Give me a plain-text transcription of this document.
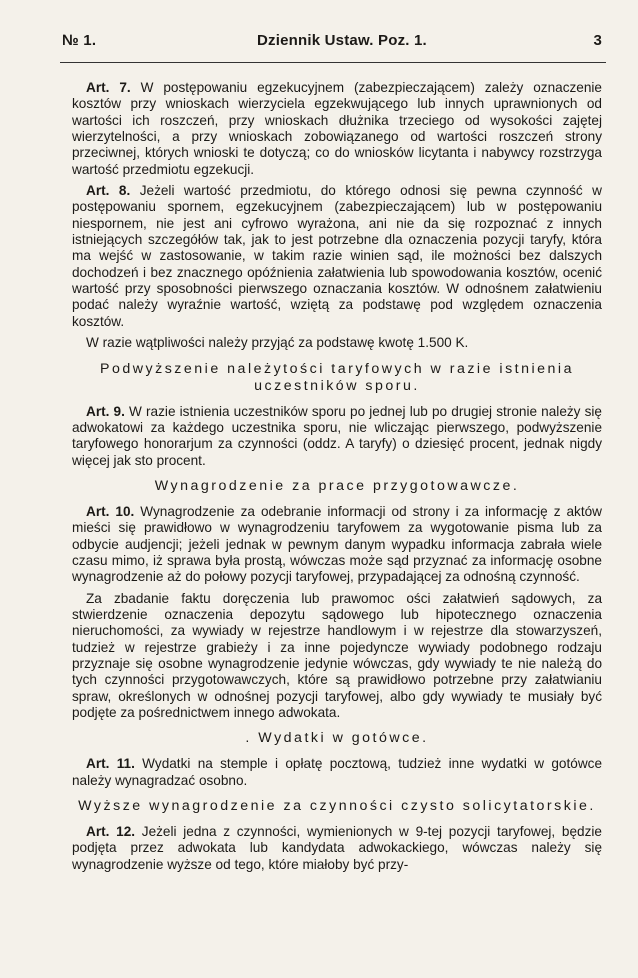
№ 1.	Dziennik Ustaw. Poz. 1.	3

Art. 7. W postępowaniu egzekucyjnem (zabezpieczającem) zależy oznaczenie kosztów przy wnioskach wierzyciela egzekwującego lub innych uprawnionych od wartości ich roszczeń, przy wnioskach dłużnika trzeciego od wysokości zajętej wierzytelności, a przy wnioskach zobowiązanego od wartości roszczeń strony przeciwnej, których wnioski te dotyczą; co do wniosków licytanta i nabywcy rozstrzyga wartość przedmiotu egzekucji.

Art. 8. Jeżeli wartość przedmiotu, do którego odnosi się pewna czynność w postępowaniu spornem, egzekucyjnem (zabezpieczającem) lub w postępowaniu niespornem, nie jest ani cyfrowo wyrażona, ani nie da się rozpoznać z innych istniejących szczegółów tak, jak to jest potrzebne dla oznaczenia pozycji taryfy, która ma wejść w zastosowanie, w takim razie winien sąd, ile możności bez dalszych dochodzeń i bez znacznego opóźnienia załatwienia lub spowodowania kosztów, ocenić wartość przy sposobności pierwszego oznaczania kosztów. W odnośnem załatwieniu podać należy wyraźnie wartość, wziętą za podstawę pod względem oznaczenia kosztów.

W razie wątpliwości należy przyjąć za podstawę kwotę 1.500 K.

Podwyższenie należytości taryfowych w razie istnienia uczestników sporu.

Art. 9. W razie istnienia uczestników sporu po jednej lub po drugiej stronie należy się adwokatowi za każdego uczestnika sporu, nie wliczając pierwszego, podwyższenie taryfowego honorarjum za czynności (oddz. A taryfy) o dziesięć procent, jednak nigdy więcej jak sto procent.

Wynagrodzenie za prace przygotowawcze.

Art. 10. Wynagrodzenie za odebranie informacji od strony i za informację z aktów mieści się prawidłowo w wynagrodzeniu taryfowem za wygotowanie pisma lub za odbycie audjencji; jeżeli jednak w pewnym danym wypadku informacja zabrała wiele czasu mimo, iż sprawa była prostą, wówczas może sąd przyznać za informację osobne wynagrodzenie aż do połowy pozycji taryfowej, przypadającej za odnośną czynność.

Za zbadanie faktu doręczenia lub prawomoc ości załatwień sądowych, za stwierdzenie oznaczenia depozytu sądowego lub hipotecznego oznaczenia nieruchomości, za wywiady w rejestrze handlowym i w rejestrze dla stowarzyszeń, tudzież w rejestrze grabieży i za inne pojedyncze wywiady podobnego rodzaju przyznaje się osobne wynagrodzenie jedynie wówczas, gdy wywiady te nie należą do tych czynności przygotowawczych, które są prawidłowo potrzebne przy załatwianiu spraw, określonych w odnośnej pozycji taryfowej, albo gdy wywiady te musiały być podjęte za pośrednictwem innego adwokata.

. Wydatki w gotówce.

Art. 11. Wydatki na stemple i opłatę pocztową, tudzież inne wydatki w gotówce należy wynagradzać osobno.

Wyższe wynagrodzenie za czynności czysto solicytatorskie.

Art. 12. Jeżeli jedna z czynności, wymienionych w 9-tej pozycji taryfowej, będzie podjęta przez adwokata lub kandydata adwokackiego, wówczas należy się wynagrodzenie wyższe od tego, które miałoby być przy-
